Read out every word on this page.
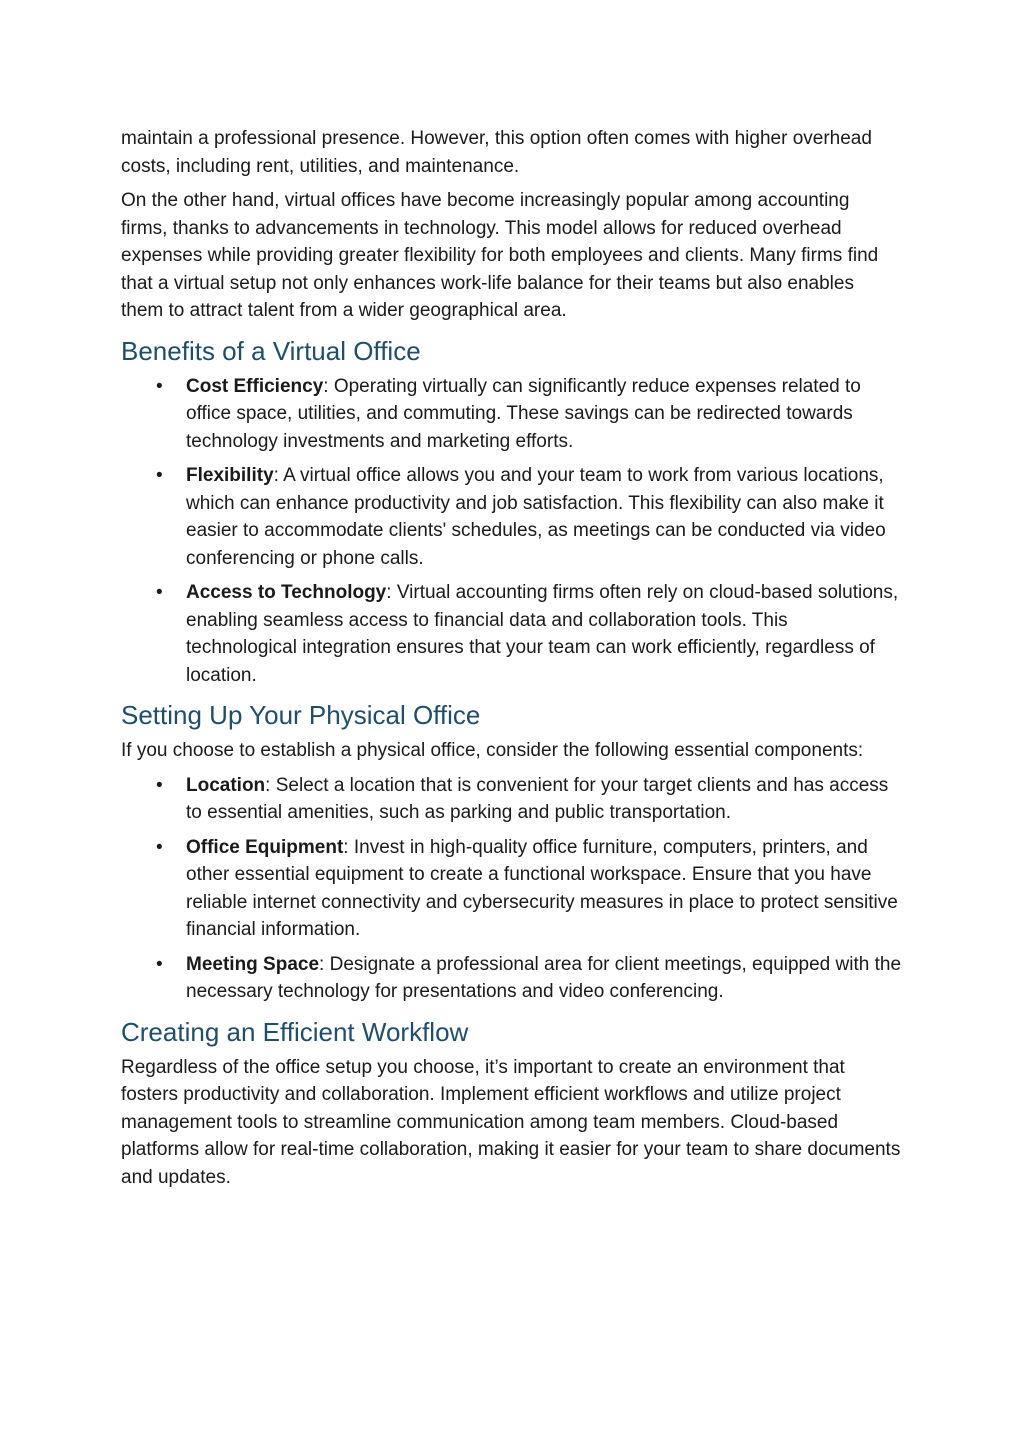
maintain a professional presence. However, this option often comes with higher overhead costs, including rent, utilities, and maintenance.

On the other hand, virtual offices have become increasingly popular among accounting firms, thanks to advancements in technology. This model allows for reduced overhead expenses while providing greater flexibility for both employees and clients. Many firms find that a virtual setup not only enhances work-life balance for their teams but also enables them to attract talent from a wider geographical area.

Benefits of a Virtual Office
• Cost Efficiency: Operating virtually can significantly reduce expenses related to office space, utilities, and commuting. These savings can be redirected towards technology investments and marketing efforts.
• Flexibility: A virtual office allows you and your team to work from various locations, which can enhance productivity and job satisfaction. This flexibility can also make it easier to accommodate clients' schedules, as meetings can be conducted via video conferencing or phone calls.
• Access to Technology: Virtual accounting firms often rely on cloud-based solutions, enabling seamless access to financial data and collaboration tools. This technological integration ensures that your team can work efficiently, regardless of location.
Setting Up Your Physical Office

If you choose to establish a physical office, consider the following essential components:

• Location: Select a location that is convenient for your target clients and has access to essential amenities, such as parking and public transportation.
• Office Equipment: Invest in high-quality office furniture, computers, printers, and other essential equipment to create a functional workspace. Ensure that you have reliable internet connectivity and cybersecurity measures in place to protect sensitive financial information.
• Meeting Space: Designate a professional area for client meetings, equipped with the necessary technology for presentations and video conferencing.
Creating an Efficient Workflow

Regardless of the office setup you choose, it’s important to create an environment that fosters productivity and collaboration. Implement efficient workflows and utilize project management tools to streamline communication among team members. Cloud-based platforms allow for real-time collaboration, making it easier for your team to share documents and updates.
